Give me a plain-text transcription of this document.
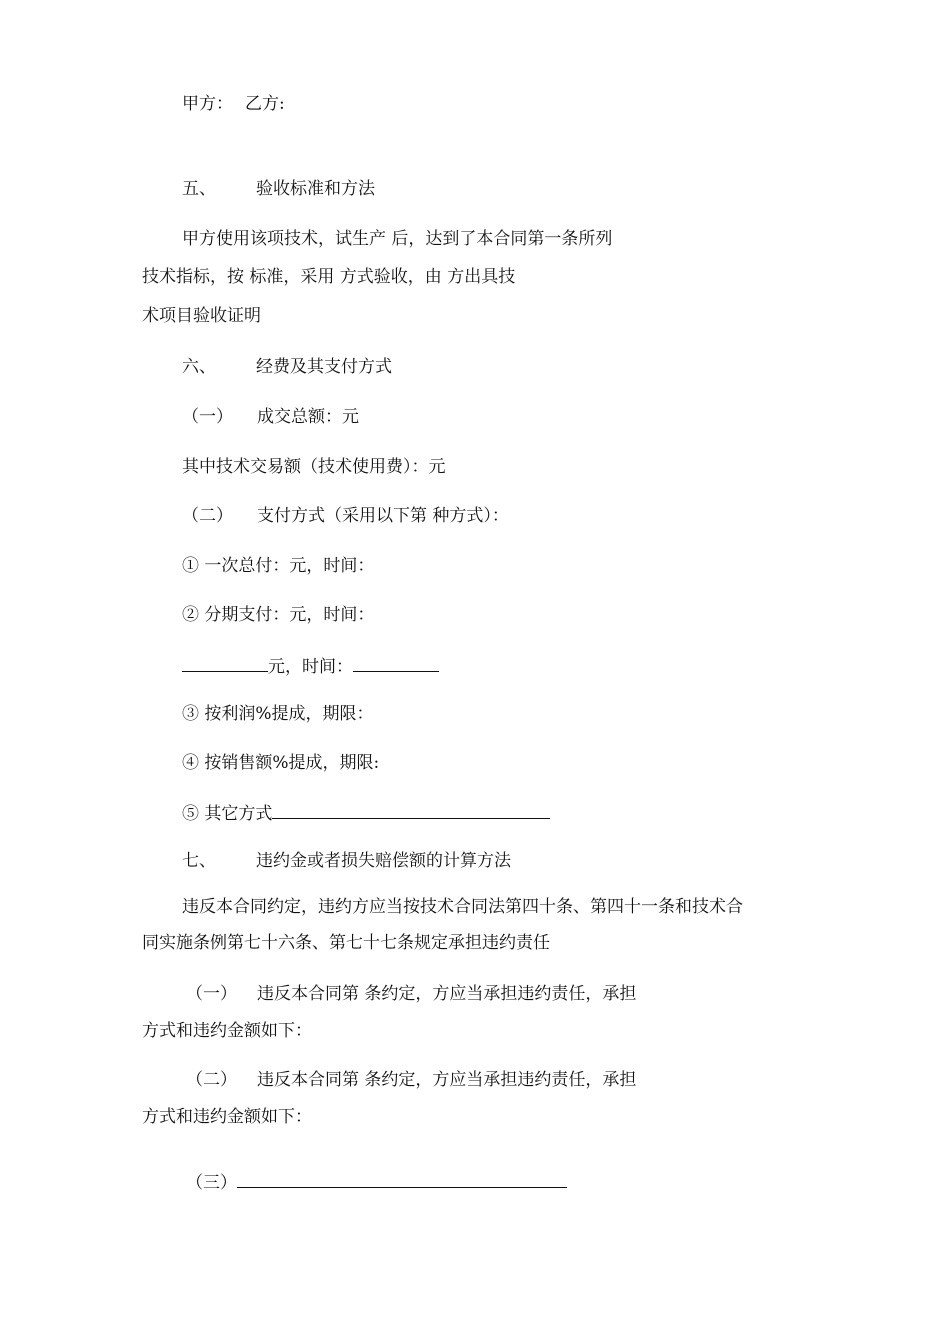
甲方： 乙方:
五、 验收标准和方法
甲方使用该项技术，试生产 后，达到了本合同第一条所列
技术指标，按 标准，采用 方式验收，由 方出具技
术项目验收证明
六、 经费及其支付方式
（一） 成交总额：元
其中技术交易额（技术使用费）：元
（二） 支付方式（采用以下第 种方式）：
① 一次总付：元，时间：
② 分期支付：元，时间：
元，时间：
③ 按利润%提成，期限：
④ 按销售额%提成，期限:
⑤ 其它方式
七、 违约金或者损失赔偿额的计算方法
违反本合同约定，违约方应当按技术合同法第四十条、第四十一条和技术合
同实施条例第七十六条、第七十七条规定承担违约责任
（一） 违反本合同第 条约定，方应当承担违约责任，承担
方式和违约金额如下：
（二） 违反本合同第 条约定，方应当承担违约责任，承担
方式和违约金额如下：
（三）
